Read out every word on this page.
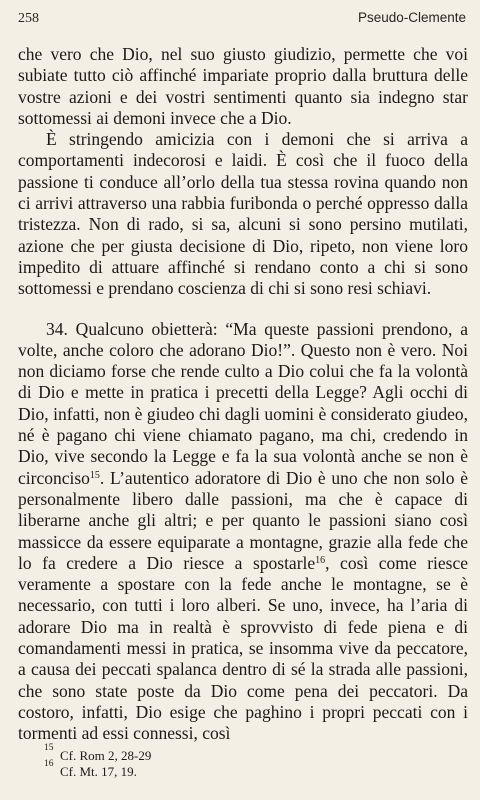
258	Pseudo-Clemente

che vero che Dio, nel suo giusto giudizio, permette che voi subiate tutto ciò affinché impariate proprio dalla bruttura delle vostre azioni e dei vostri sentimenti quanto sia indegno star sottomessi ai demoni invece che a Dio.

È stringendo amicizia con i demoni che si arriva a comportamenti indecorosi e laidi. È così che il fuoco della passione ti conduce all’orlo della tua stessa rovina quando non ci arrivi attraverso una rabbia furibonda o perché oppresso dalla tristezza. Non di rado, si sa, alcuni si sono persino mutilati, azione che per giusta decisione di Dio, ripeto, non viene loro impedito di attuare affinché si rendano conto a chi si sono sottomessi e prendano coscienza di chi si sono resi schiavi.

34. Qualcuno obietterà: “Ma queste passioni prendono, a volte, anche coloro che adorano Dio!”. Questo non è vero. Noi non diciamo forse che rende culto a Dio colui che fa la volontà di Dio e mette in pratica i precetti della Legge? Agli occhi di Dio, infatti, non è giudeo chi dagli uomini è considerato giudeo, né è pagano chi viene chiamato pagano, ma chi, credendo in Dio, vive secondo la Legge e fa la sua volontà anche se non è circonciso$^{15}$. L’autentico adoratore di Dio è uno che non solo è personalmente libero dalle passioni, ma che è capace di liberarne anche gli altri; e per quanto le passioni siano così massicce da essere equiparate a montagne, grazie alla fede che lo fa credere a Dio riesce a spostarle$^{16}$, così come riesce veramente a spostare con la fede anche le montagne, se è necessario, con tutti i loro alberi. Se uno, invece, ha l’aria di adorare Dio ma in realtà è sprovvisto di fede piena e di comandamenti messi in pratica, se insomma vive da peccatore, a causa dei peccati spalanca dentro di sé la strada alle passioni, che sono state poste da Dio come pena dei peccatori. Da costoro, infatti, Dio esige che paghino i propri peccati con i tormenti ad essi connessi, così

15 Cf. Rom 2, 28-29
16 Cf. Mt. 17, 19.
